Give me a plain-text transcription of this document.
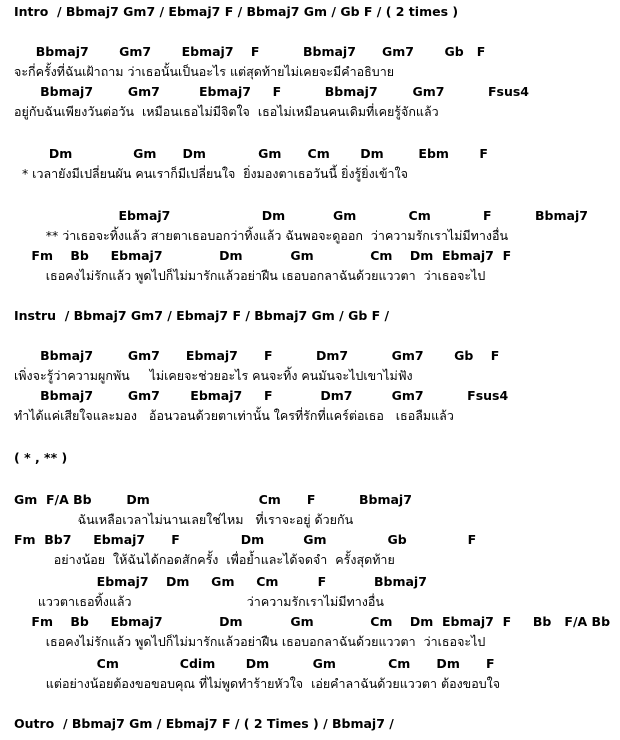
Intro  / Bbmaj7 Gm7 / Ebmaj7 F / Bbmaj7 Gm / Gb F / ( 2 times )
Bbmaj7       Gm7       Ebmaj7    F          Bbmaj7      Gm7       Gb   F
จะกี่ครั้งที่ฉันเฝ้าถาม ว่าเธอนั้นเป็นอะไร แต่สุดท้ายไม่เคยจะมีคำอธิบาย
Bbmaj7        Gm7         Ebmaj7     F          Bbmaj7        Gm7          Fsus4
อยู่กับฉันเพียงวันต่อวัน  เหมือนเธอไม่มีจิตใจ  เธอไม่เหมือนคนเดิมที่เคยรู้จักแล้ว
Dm              Gm      Dm            Gm      Cm       Dm        Ebm       F
* เวลายังมีเปลี่ยนผัน คนเราก็มีเปลี่ยนใจ  ยิ่งมองตาเธอวันนี้ ยิ่งรู้ยิ่งเข้าใจ
Ebmaj7                     Dm           Gm            Cm            F          Bbmaj7
** ว่าเธอจะทิ้งแล้ว สายตาเธอบอกว่าทิ้งแล้ว ฉันพอจะดูออก  ว่าความรักเราไม่มีทางอื่น
Fm    Bb     Ebmaj7             Dm           Gm             Cm    Dm  Ebmaj7  F
เธอคงไม่รักแล้ว พูดไปก็ไม่มารักแล้วอย่าฝืน เธอบอกลาฉันด้วยแววตา  ว่าเธอจะไป
Instru  / Bbmaj7 Gm7 / Ebmaj7 F / Bbmaj7 Gm / Gb F /
Bbmaj7        Gm7      Ebmaj7      F          Dm7          Gm7       Gb    F
เพิ่งจะรู้ว่าความผูกพัน     ไม่เคยจะช่วยอะไร คนจะทิ้ง คนมันจะไปเขาไม่ฟัง
Bbmaj7        Gm7       Ebmaj7     F           Dm7         Gm7          Fsus4
ทำได้แค่เสียใจและมอง   อ้อนวอนด้วยตาเท่านั้น ใครที่รักที่แคร์ต่อเธอ   เธอลืมแล้ว
( * , ** )
Gm  F/A Bb        Dm                         Cm      F          Bbmaj7
ฉันเหลือเวลาไม่นานเลยใช่ไหม   ที่เราจะอยู่ ด้วยกัน
Fm  Bb7     Ebmaj7      F              Dm         Gm              Gb              F
อย่างน้อย  ให้ฉันได้กอดสักครั้ง  เพื่อย้ำและได้จดจำ  ครั้งสุดท้าย
Ebmaj7    Dm     Gm     Cm         F           Bbmaj7
แววตาเธอทิ้งแล้ว                             ว่าความรักเราไม่มีทางอื่น
Fm    Bb     Ebmaj7             Dm           Gm             Cm    Dm  Ebmaj7  F     Bb   F/A Bb
เธอคงไม่รักแล้ว พูดไปก็ไม่มารักแล้วอย่าฝืน เธอบอกลาฉันด้วยแววตา  ว่าเธอจะไป
Cm              Cdim       Dm          Gm            Cm      Dm      F
แต่อย่างน้อยต้องขอขอบคุณ ที่ไม่พูดทำร้ายหัวใจ  เอ่ยคำลาฉันด้วยแววตา ต้องขอบใจ
Outro  / Bbmaj7 Gm / Ebmaj7 F / ( 2 Times ) / Bbmaj7 /
